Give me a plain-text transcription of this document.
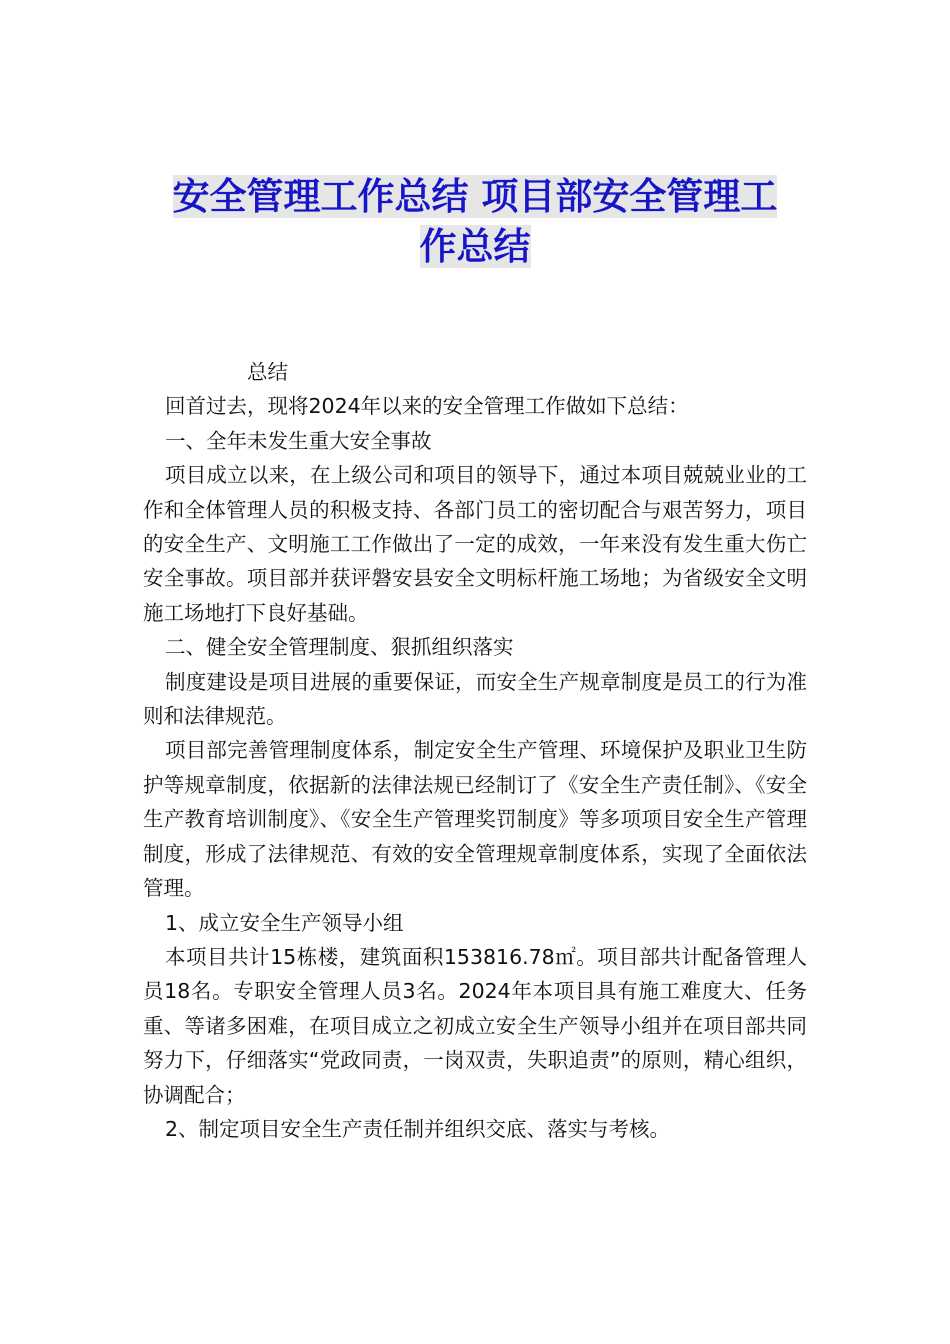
安全管理工作总结 项目部安全管理工
作总结

总结

回首过去，现将2024年以来的安全管理工作做如下总结：

一、全年未发生重大安全事故

项目成立以来，在上级公司和项目的领导下，通过本项目兢兢业业的工作和全体管理人员的积极支持、各部门员工的密切配合与艰苦努力，项目的安全生产、文明施工工作做出了一定的成效，一年来没有发生重大伤亡安全事故。项目部并获评磐安县安全文明标杆施工场地；为省级安全文明施工场地打下良好基础。

二、健全安全管理制度、狠抓组织落实

制度建设是项目进展的重要保证，而安全生产规章制度是员工的行为准则和法律规范。

项目部完善管理制度体系，制定安全生产管理、环境保护及职业卫生防护等规章制度，依据新的法律法规已经制订了《安全生产责任制》、《安全生产教育培训制度》、《安全生产管理奖罚制度》等多项项目安全生产管理制度，形成了法律规范、有效的安全管理规章制度体系，实现了全面依法管理。

1、成立安全生产领导小组

本项目共计15栋楼，建筑面积153816.78㎡。项目部共计配备管理人员18名。专职安全管理人员3名。2024年本项目具有施工难度大、任务重、等诸多困难，在项目成立之初成立安全生产领导小组并在项目部共同努力下，仔细落实“党政同责，一岗双责，失职追责”的原则，精心组织，协调配合；

2、制定项目安全生产责任制并组织交底、落实与考核。
